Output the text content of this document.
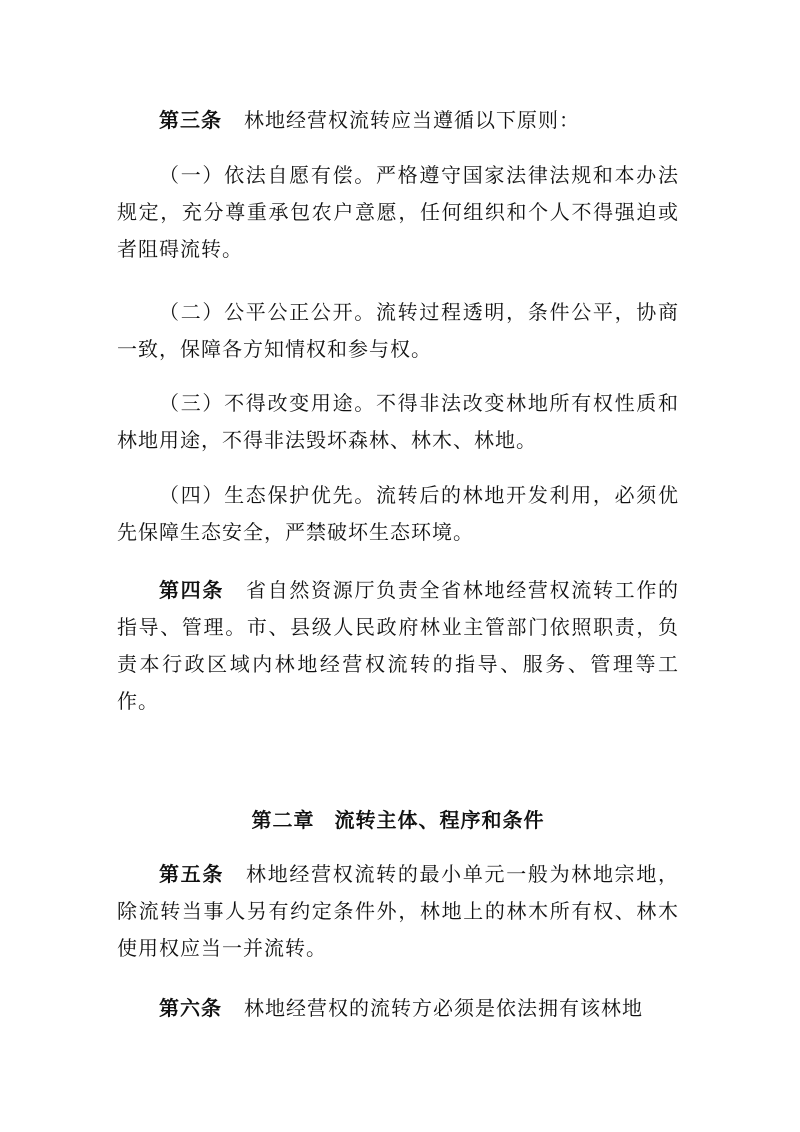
第三条 林地经营权流转应当遵循以下原则：

（一）依法自愿有偿。严格遵守国家法律法规和本办法规定，充分尊重承包农户意愿，任何组织和个人不得强迫或者阻碍流转。

（二）公平公正公开。流转过程透明，条件公平，协商一致，保障各方知情权和参与权。

（三）不得改变用途。不得非法改变林地所有权性质和林地用途，不得非法毁坏森林、林木、林地。

（四）生态保护优先。流转后的林地开发利用，必须优先保障生态安全，严禁破坏生态环境。

第四条 省自然资源厅负责全省林地经营权流转工作的指导、管理。市、县级人民政府林业主管部门依照职责，负责本行政区域内林地经营权流转的指导、服务、管理等工作。

第二章 流转主体、程序和条件

第五条 林地经营权流转的最小单元一般为林地宗地，除流转当事人另有约定条件外，林地上的林木所有权、林木使用权应当一并流转。

第六条 林地经营权的流转方必须是依法拥有该林地
